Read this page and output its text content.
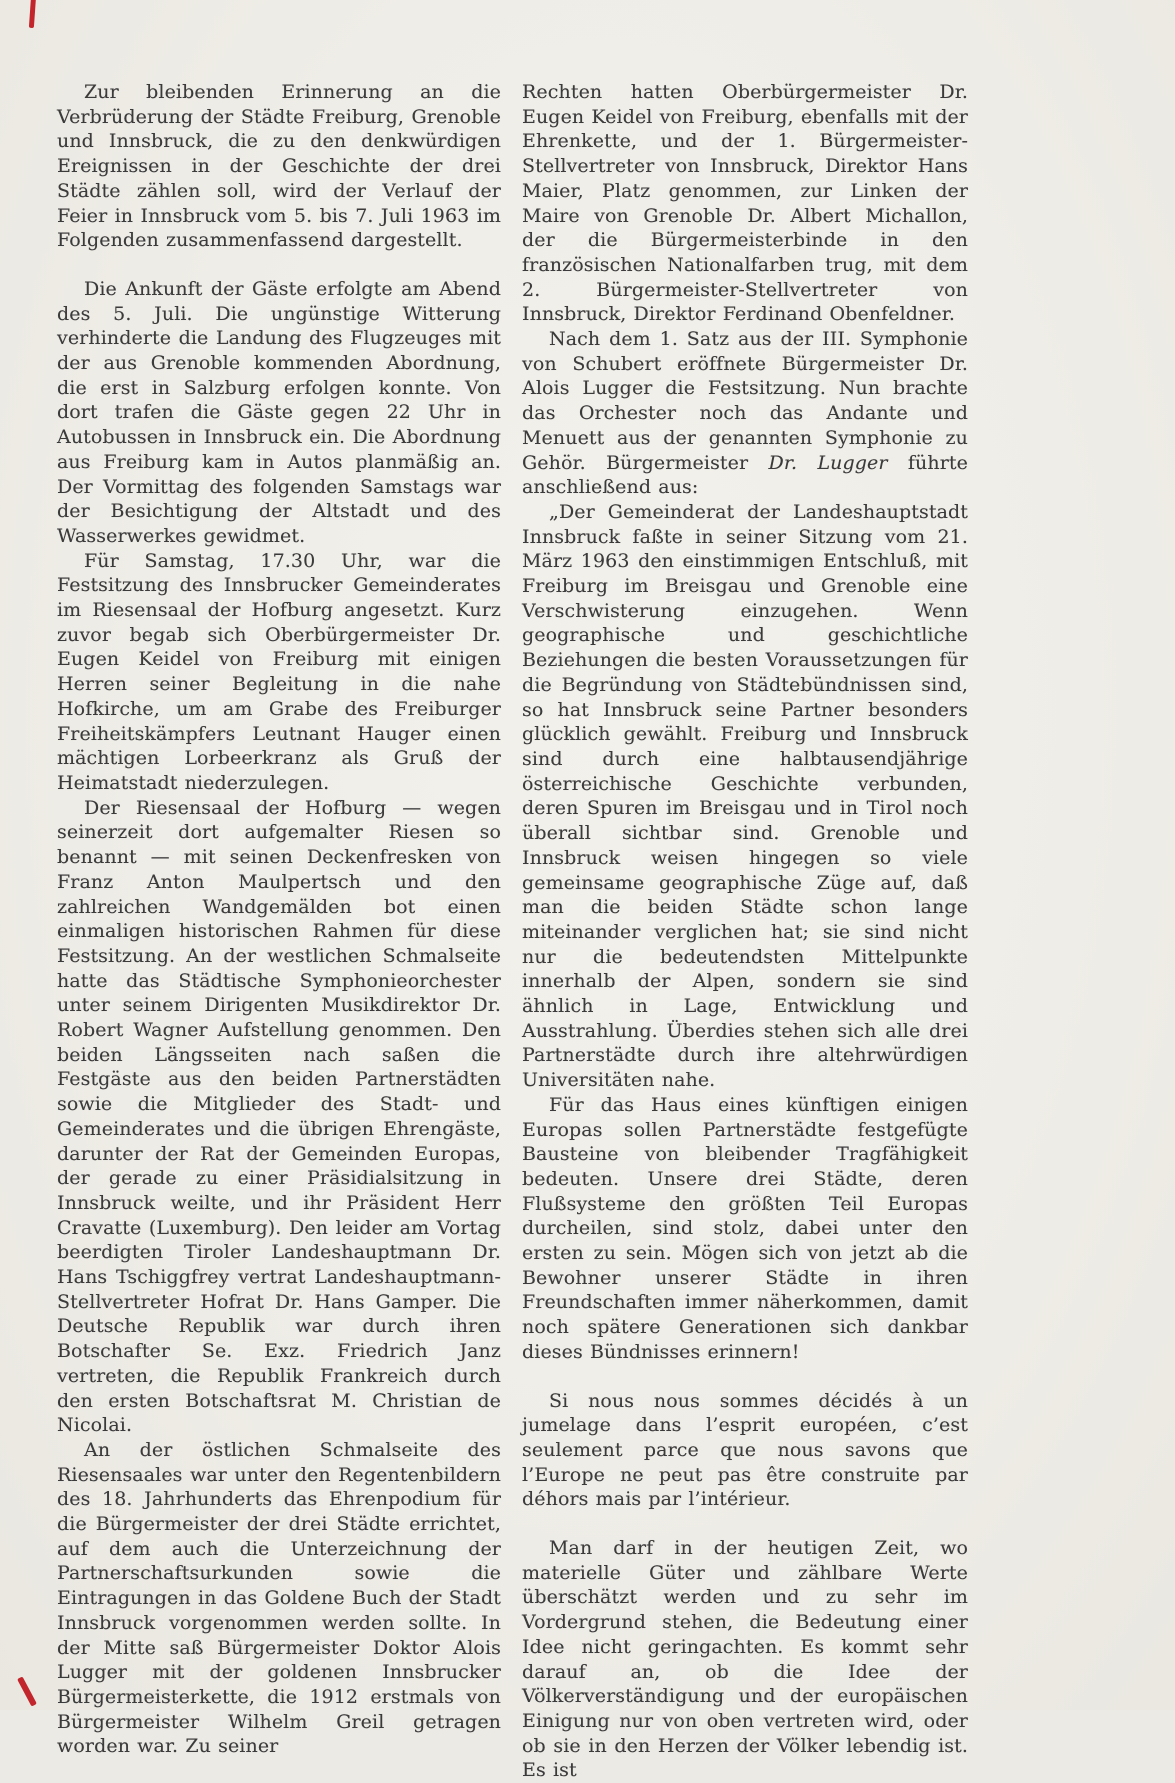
Zur bleibenden Erinnerung an die Verbrüderung der Städte Freiburg, Grenoble und Innsbruck, die zu den denkwürdigen Ereignissen in der Geschichte der drei Städte zählen soll, wird der Verlauf der Feier in Innsbruck vom 5. bis 7. Juli 1963 im Folgenden zusammenfassend dargestellt.

Die Ankunft der Gäste erfolgte am Abend des 5. Juli. Die ungünstige Witterung verhinderte die Landung des Flugzeuges mit der aus Grenoble kommenden Abordnung, die erst in Salzburg erfolgen konnte. Von dort trafen die Gäste gegen 22 Uhr in Autobussen in Innsbruck ein. Die Abordnung aus Freiburg kam in Autos planmäßig an. Der Vormittag des folgenden Samstags war der Besichtigung der Altstadt und des Wasserwerkes gewidmet.

Für Samstag, 17.30 Uhr, war die Festsitzung des Innsbrucker Gemeinderates im Riesensaal der Hofburg angesetzt. Kurz zuvor begab sich Oberbürgermeister Dr. Eugen Keidel von Freiburg mit einigen Herren seiner Begleitung in die nahe Hofkirche, um am Grabe des Freiburger Freiheitskämpfers Leutnant Hauger einen mächtigen Lorbeerkranz als Gruß der Heimatstadt niederzulegen.

Der Riesensaal der Hofburg — wegen seinerzeit dort aufgemalter Riesen so benannt — mit seinen Deckenfresken von Franz Anton Maulpertsch und den zahlreichen Wandgemälden bot einen einmaligen historischen Rahmen für diese Festsitzung. An der westlichen Schmalseite hatte das Städtische Symphonieorchester unter seinem Dirigenten Musikdirektor Dr. Robert Wagner Aufstellung genommen. Den beiden Längsseiten nach saßen die Festgäste aus den beiden Partnerstädten sowie die Mitglieder des Stadt- und Gemeinderates und die übrigen Ehrengäste, darunter der Rat der Gemeinden Europas, der gerade zu einer Präsidialsitzung in Innsbruck weilte, und ihr Präsident Herr Cravatte (Luxemburg). Den leider am Vortag beerdigten Tiroler Landeshauptmann Dr. Hans Tschiggfrey vertrat Landeshauptmann-Stellvertreter Hofrat Dr. Hans Gamper. Die Deutsche Republik war durch ihren Botschafter Se. Exz. Friedrich Janz vertreten, die Republik Frankreich durch den ersten Botschaftsrat M. Christian de Nicolai.

An der östlichen Schmalseite des Riesensaales war unter den Regentenbildern des 18. Jahrhunderts das Ehrenpodium für die Bürgermeister der drei Städte errichtet, auf dem auch die Unterzeichnung der Partnerschaftsurkunden sowie die Eintragungen in das Goldene Buch der Stadt Innsbruck vorgenommen werden sollte. In der Mitte saß Bürgermeister Doktor Alois Lugger mit der goldenen Innsbrucker Bürgermeisterkette, die 1912 erstmals von Bürgermeister Wilhelm Greil getragen worden war. Zu seiner

Rechten hatten Oberbürgermeister Dr. Eugen Keidel von Freiburg, ebenfalls mit der Ehrenkette, und der 1. Bürgermeister-Stellvertreter von Innsbruck, Direktor Hans Maier, Platz genommen, zur Linken der Maire von Grenoble Dr. Albert Michallon, der die Bürgermeisterbinde in den französischen Nationalfarben trug, mit dem 2. Bürgermeister-Stellvertreter von Innsbruck, Direktor Ferdinand Obenfeldner.

Nach dem 1. Satz aus der III. Symphonie von Schubert eröffnete Bürgermeister Dr. Alois Lugger die Festsitzung. Nun brachte das Orchester noch das Andante und Menuett aus der genannten Symphonie zu Gehör. Bürgermeister Dr. Lugger führte anschließend aus:

„Der Gemeinderat der Landeshauptstadt Innsbruck faßte in seiner Sitzung vom 21. März 1963 den einstimmigen Entschluß, mit Freiburg im Breisgau und Grenoble eine Verschwisterung einzugehen. Wenn geographische und geschichtliche Beziehungen die besten Voraussetzungen für die Begründung von Städtebündnissen sind, so hat Innsbruck seine Partner besonders glücklich gewählt. Freiburg und Innsbruck sind durch eine halbtausendjährige österreichische Geschichte verbunden, deren Spuren im Breisgau und in Tirol noch überall sichtbar sind. Grenoble und Innsbruck weisen hingegen so viele gemeinsame geographische Züge auf, daß man die beiden Städte schon lange miteinander verglichen hat; sie sind nicht nur die bedeutendsten Mittelpunkte innerhalb der Alpen, sondern sie sind ähnlich in Lage, Entwicklung und Ausstrahlung. Überdies stehen sich alle drei Partnerstädte durch ihre altehrwürdigen Universitäten nahe.

Für das Haus eines künftigen einigen Europas sollen Partnerstädte festgefügte Bausteine von bleibender Tragfähigkeit bedeuten. Unsere drei Städte, deren Flußsysteme den größten Teil Europas durcheilen, sind stolz, dabei unter den ersten zu sein. Mögen sich von jetzt ab die Bewohner unserer Städte in ihren Freundschaften immer näherkommen, damit noch spätere Generationen sich dankbar dieses Bündnisses erinnern!

Si nous nous sommes décidés à un jumelage dans l’esprit européen, c’est seulement parce que nous savons que l’Europe ne peut pas être construite par déhors mais par l’intérieur.

Man darf in der heutigen Zeit, wo materielle Güter und zählbare Werte überschätzt werden und zu sehr im Vordergrund stehen, die Bedeutung einer Idee nicht geringachten. Es kommt sehr darauf an, ob die Idee der Völkerverständigung und der europäischen Einigung nur von oben vertreten wird, oder ob sie in den Herzen der Völker lebendig ist. Es ist
